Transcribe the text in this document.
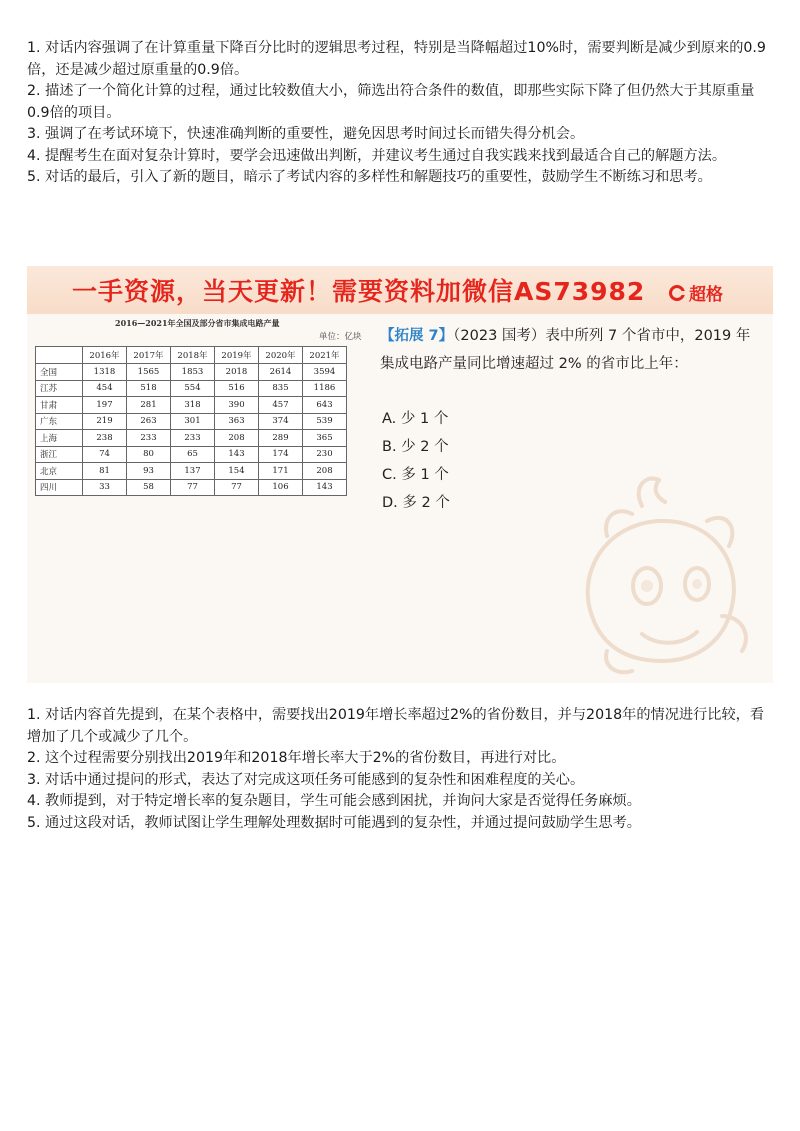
1. 对话内容强调了在计算重量下降百分比时的逻辑思考过程，特别是当降幅超过10%时，需要判断是减少到原来的0.9倍，还是减少超过原重量的0.9倍。

2. 描述了一个简化计算的过程，通过比较数值大小，筛选出符合条件的数值，即那些实际下降了但仍然大于其原重量0.9倍的项目。

3. 强调了在考试环境下，快速准确判断的重要性，避免因思考时间过长而错失得分机会。

4. 提醒考生在面对复杂计算时，要学会迅速做出判断，并建议考生通过自我实践来找到最适合自己的解题方法。

5. 对话的最后，引入了新的题目，暗示了考试内容的多样性和解题技巧的重要性，鼓励学生不断练习和思考。

一手资源，当天更新！需要资料加微信AS73982	超格
2016—2021年全国及部分省市集成电路产量
单位：亿块
	2016年	2017年	2018年	2019年	2020年	2021年
全国	1318	1565	1853	2018	2614	3594
江苏	454	518	554	516	835	1186
甘肃	197	281	318	390	457	643
广东	219	263	301	363	374	539
上海	238	233	233	208	289	365
浙江	74	80	65	143	174	230
北京	81	93	137	154	171	208
四川	33	58	77	77	106	143
【拓展 7】（2023 国考）表中所列 7 个省市中，2019 年集成电路产量同比增速超过 2% 的省市比上年：
A. 少 1 个
B. 少 2 个
C. 多 1 个
D. 多 2 个

1. 对话内容首先提到，在某个表格中，需要找出2019年增长率超过2%的省份数目，并与2018年的情况进行比较，看增加了几个或减少了几个。

2. 这个过程需要分别找出2019年和2018年增长率大于2%的省份数目，再进行对比。

3. 对话中通过提问的形式，表达了对完成这项任务可能感到的复杂性和困难程度的关心。

4. 教师提到，对于特定增长率的复杂题目，学生可能会感到困扰，并询问大家是否觉得任务麻烦。

5. 通过这段对话，教师试图让学生理解处理数据时可能遇到的复杂性，并通过提问鼓励学生思考。
